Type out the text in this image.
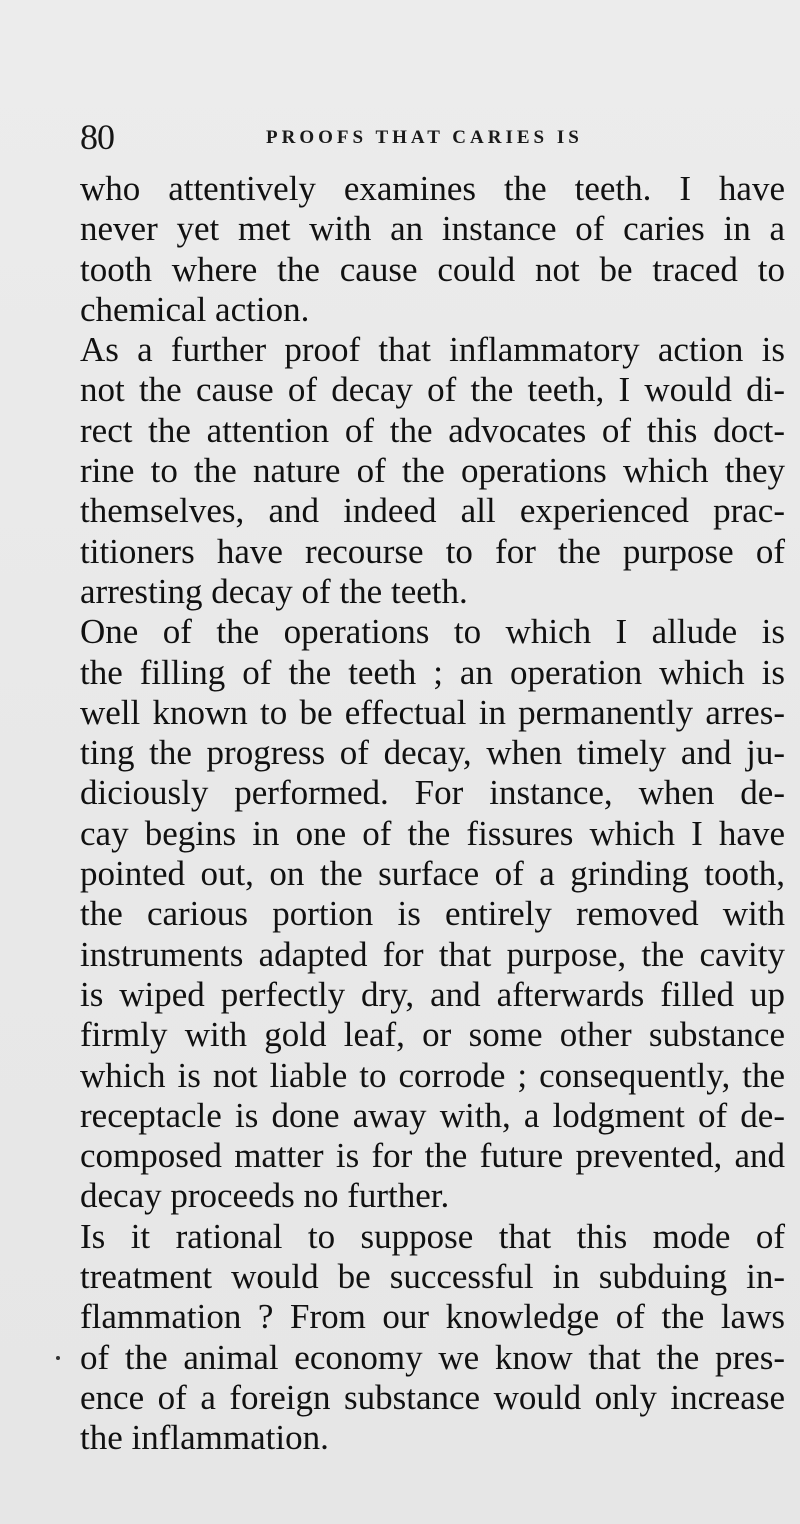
80	PROOFS THAT CARIES IS
who attentively examines the teeth. I have
never yet met with an instance of caries in a
tooth where the cause could not be traced to
chemical action.
As a further proof that inflammatory action is
not the cause of decay of the teeth, I would di-
rect the attention of the advocates of this doct-
rine to the nature of the operations which they
themselves, and indeed all experienced prac-
titioners have recourse to for the purpose of
arresting decay of the teeth.
One of the operations to which I allude is
the filling of the teeth ; an operation which is
well known to be effectual in permanently arres-
ting the progress of decay, when timely and ju-
diciously performed. For instance, when de-
cay begins in one of the fissures which I have
pointed out, on the surface of a grinding tooth,
the carious portion is entirely removed with
instruments adapted for that purpose, the cavity
is wiped perfectly dry, and afterwards filled up
firmly with gold leaf, or some other substance
which is not liable to corrode ; consequently, the
receptacle is done away with, a lodgment of de-
composed matter is for the future prevented, and
decay proceeds no further.
Is it rational to suppose that this mode of
treatment would be successful in subduing in-
flammation ? From our knowledge of the laws
of the animal economy we know that the pres-
ence of a foreign substance would only increase
the inflammation.
